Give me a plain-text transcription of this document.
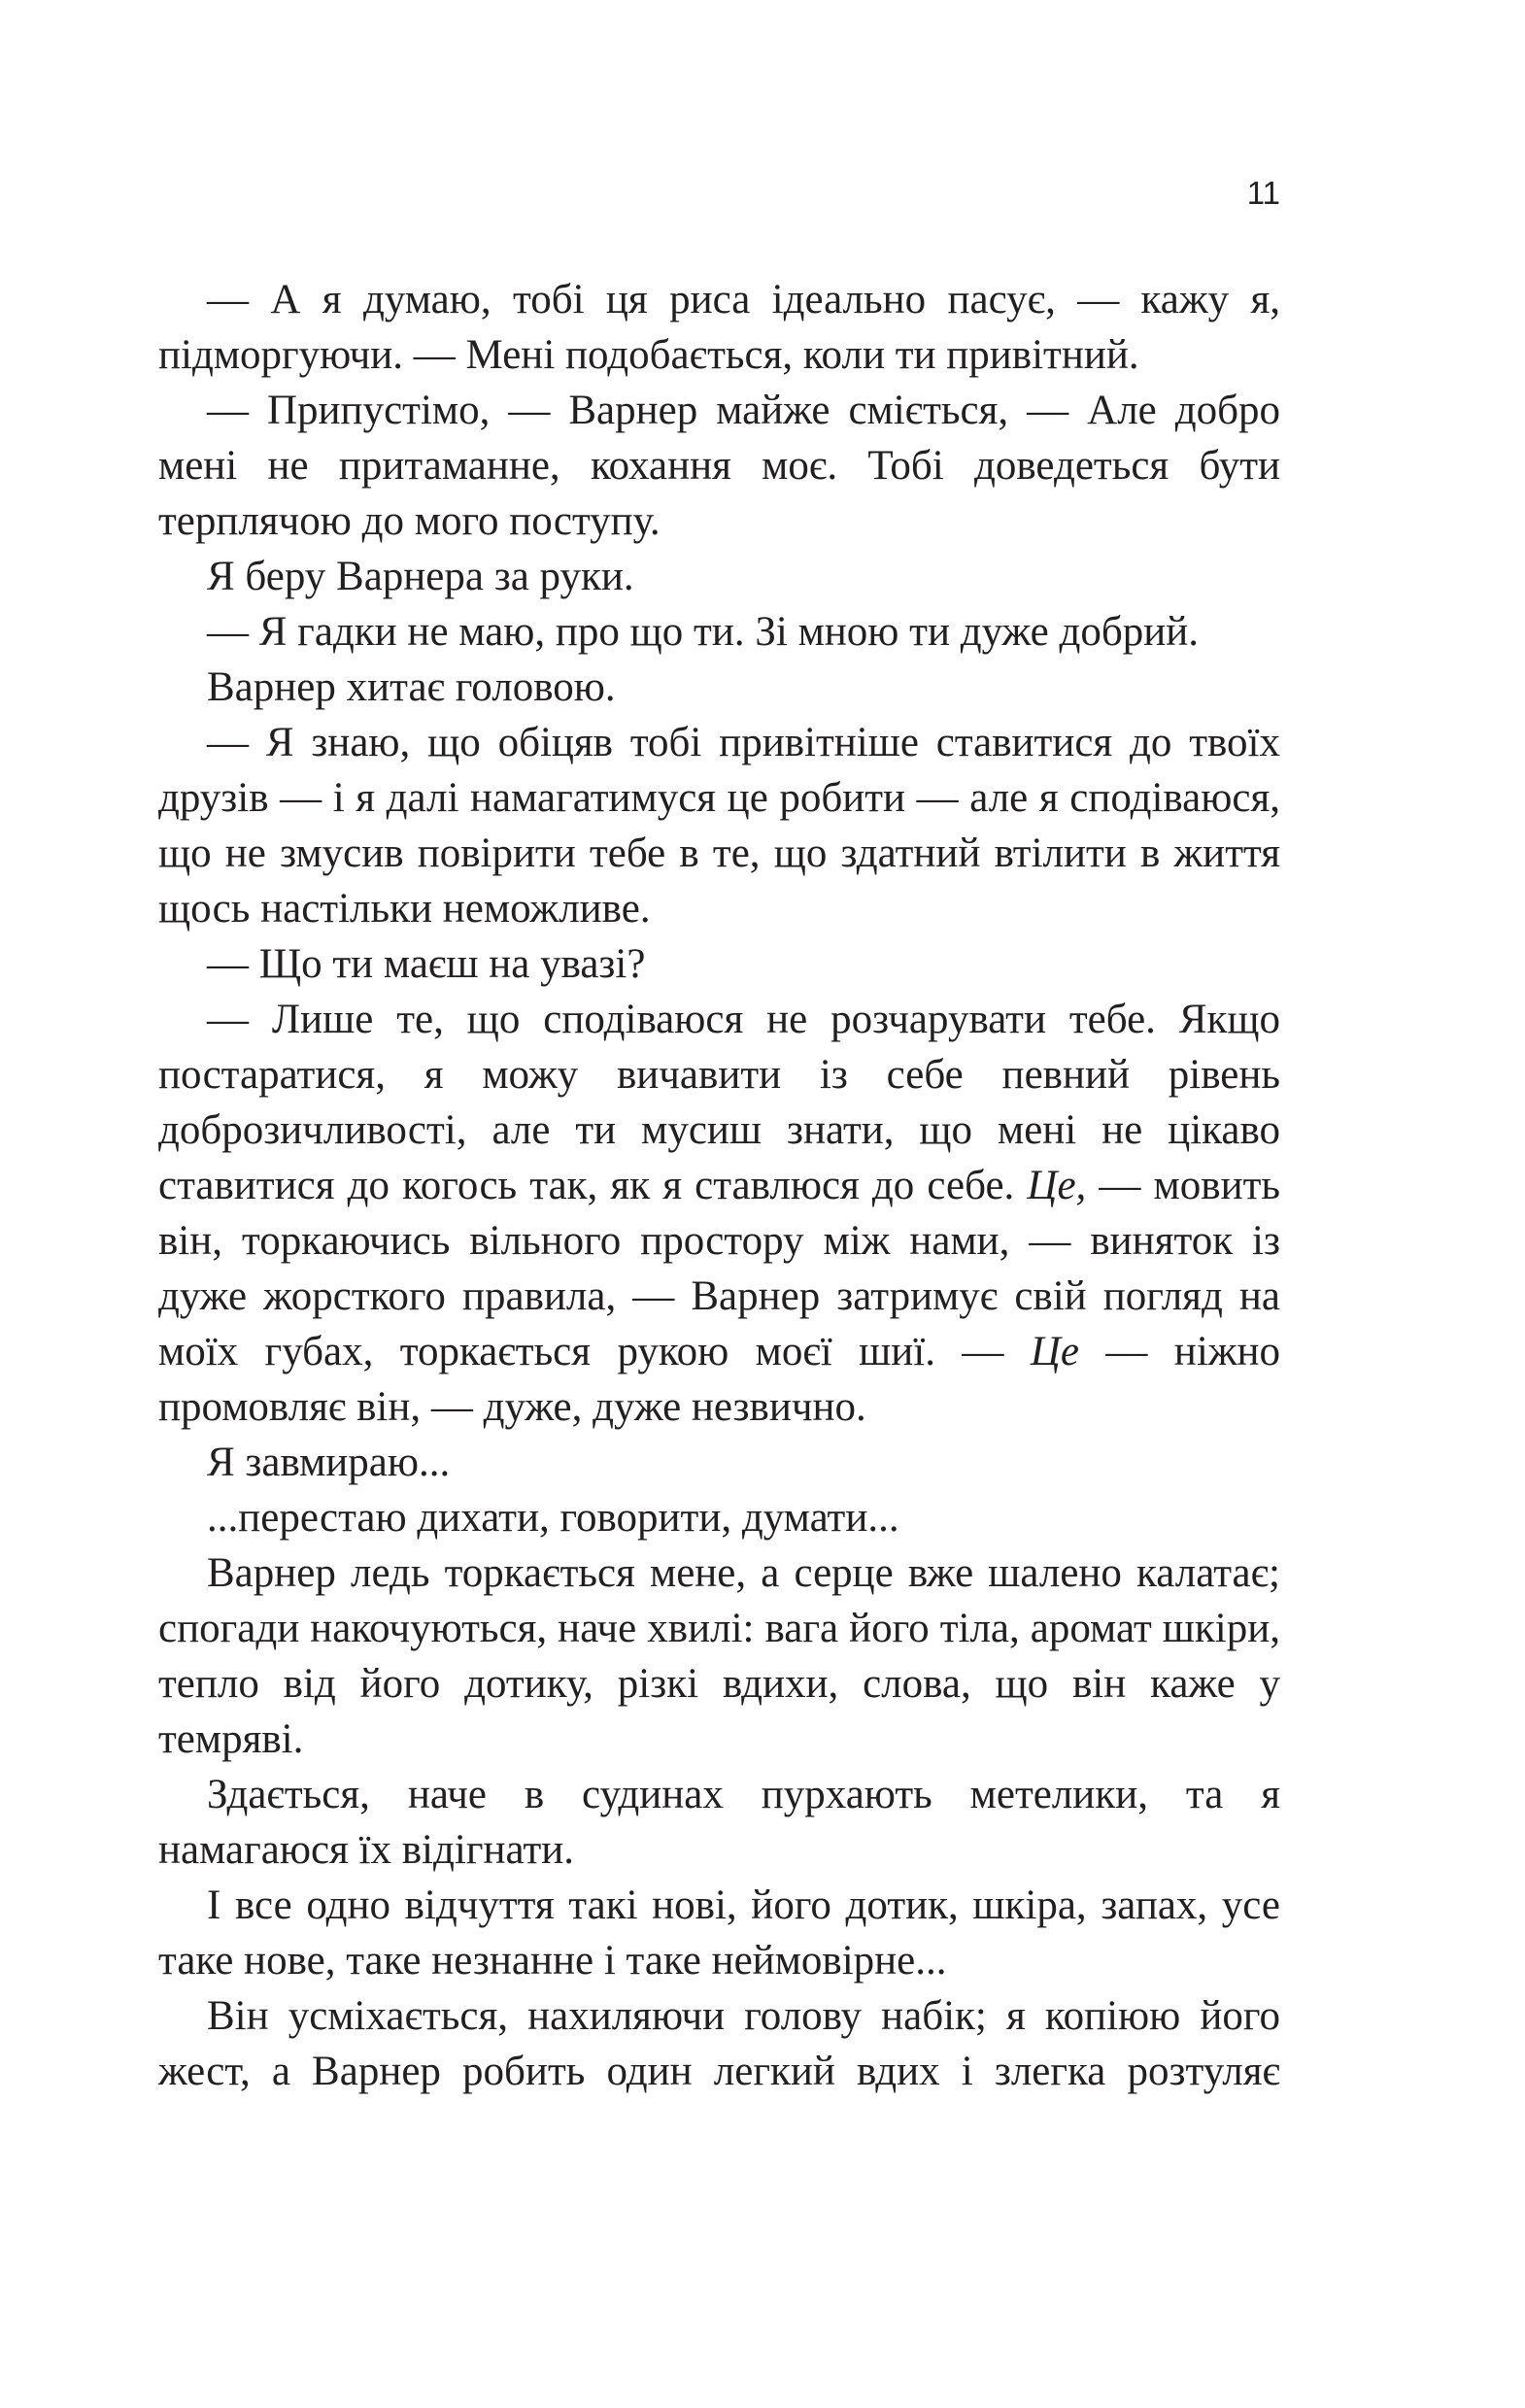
11

— А я думаю, тобі ця риса ідеально пасує, — кажу я, підморгуючи. — Мені подобається, коли ти привітний.

— Припустімо, — Варнер майже сміється, — Але добро мені не притаманне, кохання моє. Тобі доведеться бути терплячою до мого поступу.

Я беру Варнера за руки.

— Я гадки не маю, про що ти. Зі мною ти дуже добрий.

Варнер хитає головою.

— Я знаю, що обіцяв тобі привітніше ставитися до твоїх друзів — і я далі намагатимуся це робити — але я сподіваюся, що не змусив повірити тебе в те, що здатний втілити в життя щось настільки неможливе.

— Що ти маєш на увазі?

— Лише те, що сподіваюся не розчарувати тебе. Якщо постаратися, я можу вичавити із себе певний рівень доброзичливості, але ти мусиш знати, що мені не цікаво ставитися до когось так, як я ставлюся до себе. Це, — мовить він, торкаючись вільного простору між нами, — виняток із дуже жорсткого правила, — Варнер затримує свій погляд на моїх губах, торкається рукою моєї шиї. — Це — ніжно промовляє він, — дуже, дуже незвично.

Я завмираю...

...перестаю дихати, говорити, думати...

Варнер ледь торкається мене, а серце вже шалено калатає; спогади накочуються, наче хвилі: вага його тіла, аромат шкіри, тепло від його дотику, різкі вдихи, слова, що він каже у темряві.

Здається, наче в судинах пурхають метелики, та я намагаюся їх відігнати.

І все одно відчуття такі нові, його дотик, шкіра, запах, усе таке нове, таке незнанне і таке неймовірне...

Він усміхається, нахиляючи голову набік; я копіюю його жест, а Варнер робить один легкий вдих і злегка розтуляє
